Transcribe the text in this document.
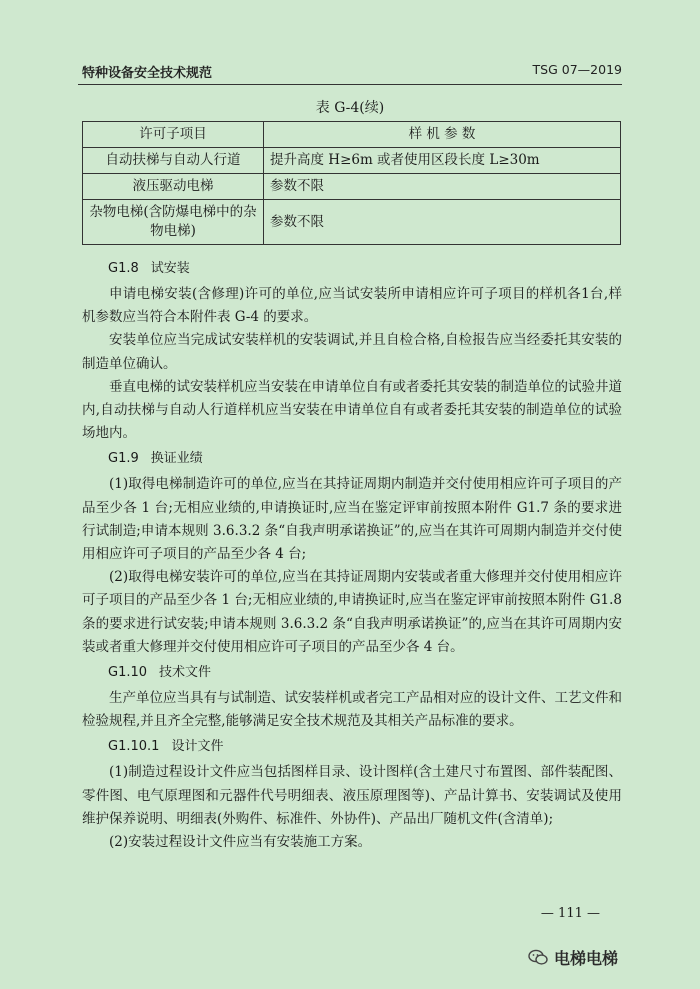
特种设备安全技术规范	TSG 07—2019
表 G-4(续)
许可子项目	样 机 参 数
自动扶梯与自动人行道	提升高度 H≥6m 或者使用区段长度 L≥30m
液压驱动电梯	参数不限
杂物电梯(含防爆电梯中的杂物电梯)	参数不限
G1.8 试安装

申请电梯安装(含修理)许可的单位,应当试安装所申请相应许可子项目的样机各1台,样机参数应当符合本附件表 G-4 的要求。

安装单位应当完成试安装样机的安装调试,并且自检合格,自检报告应当经委托其安装的制造单位确认。

垂直电梯的试安装样机应当安装在申请单位自有或者委托其安装的制造单位的试验井道内,自动扶梯与自动人行道样机应当安装在申请单位自有或者委托其安装的制造单位的试验场地内。

G1.9 换证业绩

(1)取得电梯制造许可的单位,应当在其持证周期内制造并交付使用相应许可子项目的产品至少各 1 台;无相应业绩的,申请换证时,应当在鉴定评审前按照本附件 G1.7 条的要求进行试制造;申请本规则 3.6.3.2 条“自我声明承诺换证”的,应当在其许可周期内制造并交付使用相应许可子项目的产品至少各 4 台;

(2)取得电梯安装许可的单位,应当在其持证周期内安装或者重大修理并交付使用相应许可子项目的产品至少各 1 台;无相应业绩的,申请换证时,应当在鉴定评审前按照本附件 G1.8 条的要求进行试安装;申请本规则 3.6.3.2 条“自我声明承诺换证”的,应当在其许可周期内安装或者重大修理并交付使用相应许可子项目的产品至少各 4 台。

G1.10 技术文件

生产单位应当具有与试制造、试安装样机或者完工产品相对应的设计文件、工艺文件和检验规程,并且齐全完整,能够满足安全技术规范及其相关产品标准的要求。

G1.10.1 设计文件

(1)制造过程设计文件应当包括图样目录、设计图样(含土建尺寸布置图、部件装配图、零件图、电气原理图和元器件代号明细表、液压原理图等)、产品计算书、安装调试及使用维护保养说明、明细表(外购件、标准件、外协件)、产品出厂随机文件(含清单);

(2)安装过程设计文件应当有安装施工方案。

— 111 —
电梯电梯
